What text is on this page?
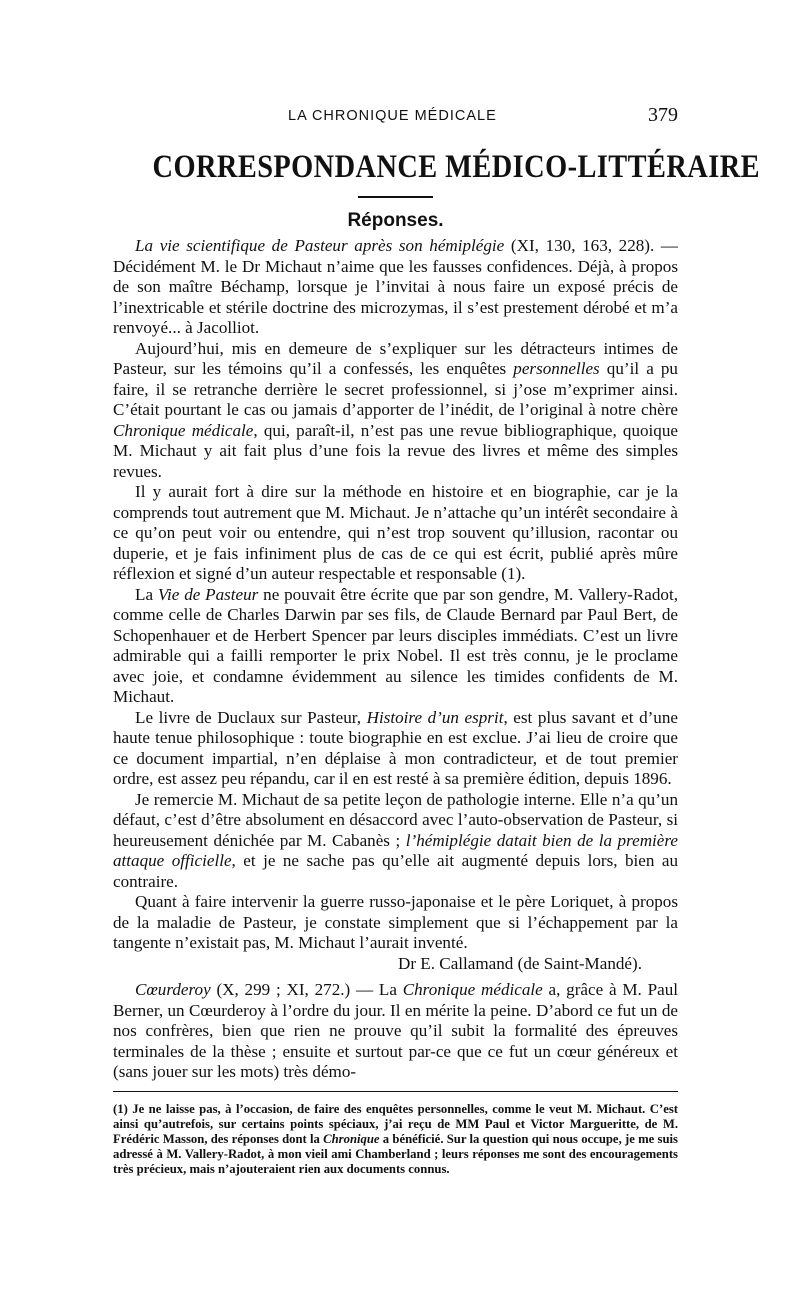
LA CHRONIQUE MÉDICALE	379
CORRESPONDANCE MÉDICO-LITTÉRAIRE
Réponses.

La vie scientifique de Pasteur après son hémiplégie (XI, 130, 163, 228). — Décidément M. le Dr Michaut n’aime que les fausses confidences. Déjà, à propos de son maître Béchamp, lorsque je l’invitai à nous faire un exposé précis de l’inextricable et stérile doctrine des microzymas, il s’est prestement dérobé et m’a renvoyé... à Jacolliot.

Aujourd’hui, mis en demeure de s’expliquer sur les détracteurs intimes de Pasteur, sur les témoins qu’il a confessés, les enquêtes personnelles qu’il a pu faire, il se retranche derrière le secret professionnel, si j’ose m’exprimer ainsi. C’était pourtant le cas ou jamais d’apporter de l’inédit, de l’original à notre chère Chronique médicale, qui, paraît-il, n’est pas une revue bibliographique, quoique M. Michaut y ait fait plus d’une fois la revue des livres et même des simples revues.

Il y aurait fort à dire sur la méthode en histoire et en biographie, car je la comprends tout autrement que M. Michaut. Je n’attache qu’un intérêt secondaire à ce qu’on peut voir ou entendre, qui n’est trop souvent qu’illusion, racontar ou duperie, et je fais infiniment plus de cas de ce qui est écrit, publié après mûre réflexion et signé d’un auteur respectable et responsable (1).

La Vie de Pasteur ne pouvait être écrite que par son gendre, M. Vallery-Radot, comme celle de Charles Darwin par ses fils, de Claude Bernard par Paul Bert, de Schopenhauer et de Herbert Spencer par leurs disciples immédiats. C’est un livre admirable qui a failli remporter le prix Nobel. Il est très connu, je le proclame avec joie, et condamne évidemment au silence les timides confidents de M. Michaut.

Le livre de Duclaux sur Pasteur, Histoire d’un esprit, est plus savant et d’une haute tenue philosophique : toute biographie en est exclue. J’ai lieu de croire que ce document impartial, n’en déplaise à mon contradicteur, et de tout premier ordre, est assez peu répandu, car il en est resté à sa première édition, depuis 1896.

Je remercie M. Michaut de sa petite leçon de pathologie interne. Elle n’a qu’un défaut, c’est d’être absolument en désaccord avec l’auto-observation de Pasteur, si heureusement dénichée par M. Cabanès ; l’hémiplégie datait bien de la première attaque officielle, et je ne sache pas qu’elle ait augmenté depuis lors, bien au contraire.

Quant à faire intervenir la guerre russo-japonaise et le père Loriquet, à propos de la maladie de Pasteur, je constate simplement que si l’échappement par la tangente n’existait pas, M. Michaut l’aurait inventé.

Dr E. Callamand (de Saint-Mandé).

Cœurderoy (X, 299 ; XI, 272.) — La Chronique médicale a, grâce à M. Paul Berner, un Cœurderoy à l’ordre du jour. Il en mérite la peine. D’abord ce fut un de nos confrères, bien que rien ne prouve qu’il subit la formalité des épreuves terminales de la thèse ; ensuite et surtout par-ce que ce fut un cœur généreux et (sans jouer sur les mots) très démo-

(1) Je ne laisse pas, à l’occasion, de faire des enquêtes personnelles, comme le veut M. Michaut. C’est ainsi qu’autrefois, sur certains points spéciaux, j’ai reçu de MM Paul et Victor Margueritte, de M. Frédéric Masson, des réponses dont la Chronique a bénéficié. Sur la question qui nous occupe, je me suis adressé à M. Vallery-Radot, à mon vieil ami Chamberland ; leurs réponses me sont des encouragements très précieux, mais n’ajouteraient rien aux documents connus.
